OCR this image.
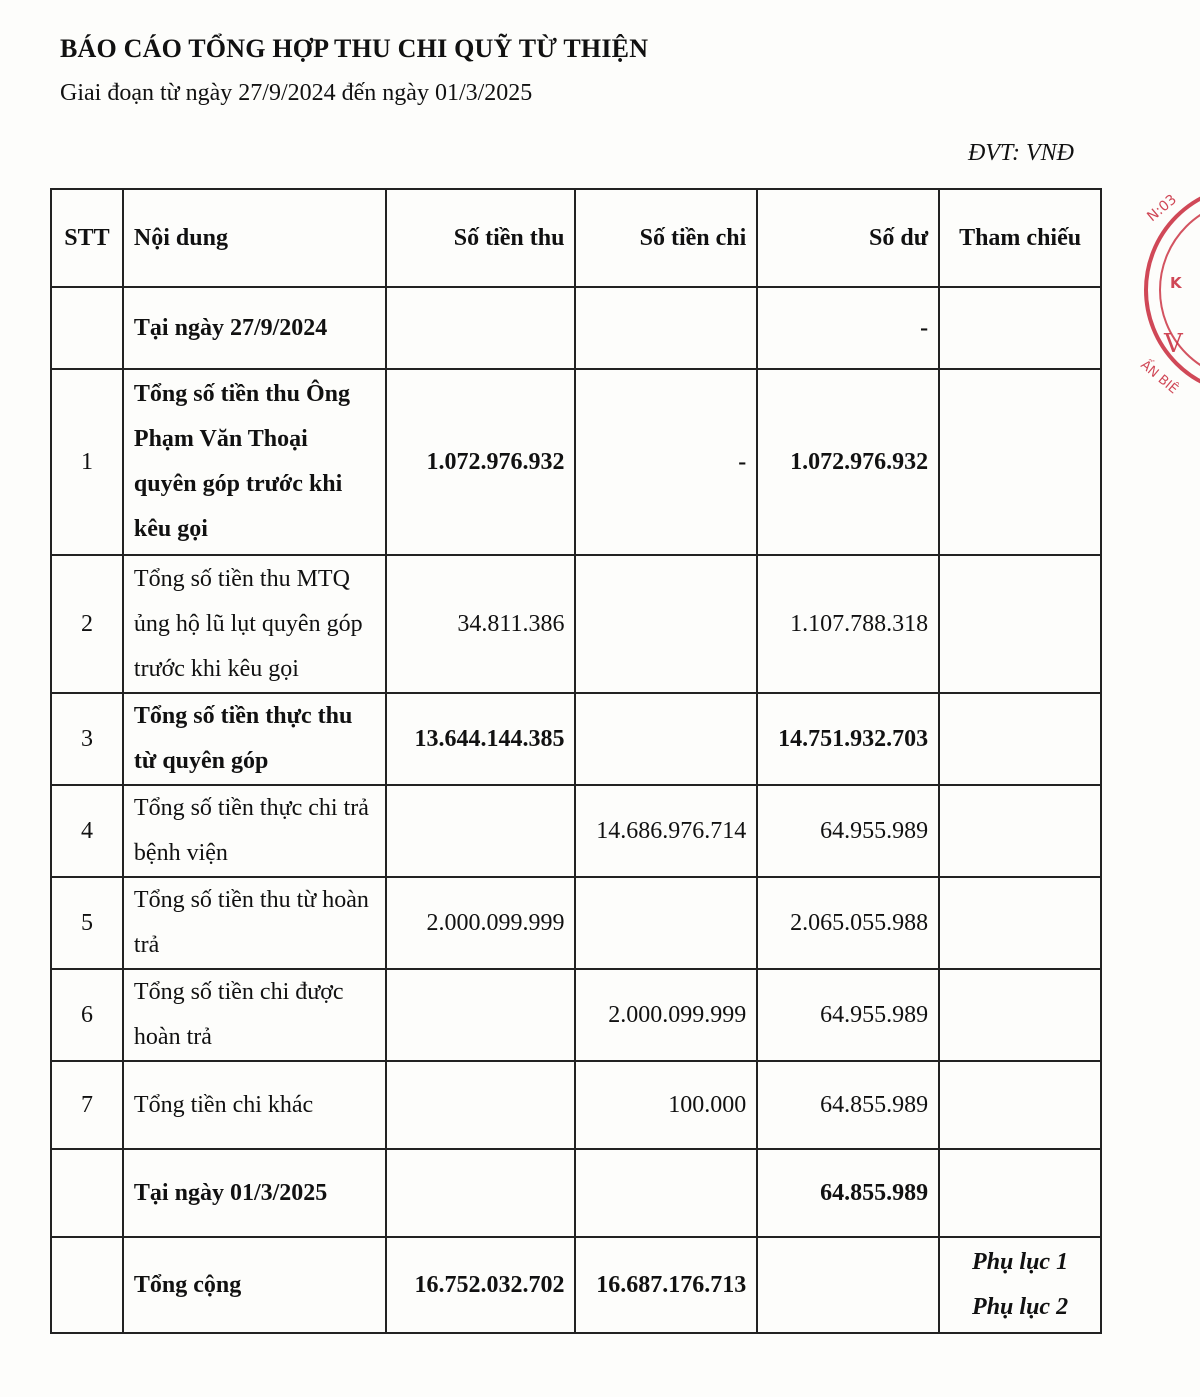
BÁO CÁO TỔNG HỢP THU CHI QUỸ TỪ THIỆN

Giai đoạn từ ngày 27/9/2024 đến ngày 01/3/2025

ĐVT: VNĐ
STT	Nội dung	Số tiền thu	Số tiền chi	Số dư	Tham chiếu
	Tại ngày 27/9/2024			-	
1	Tổng số tiền thu Ông Phạm Văn Thoại quyên góp trước khi kêu gọi	1.072.976.932	-	1.072.976.932	
2	Tổng số tiền thu MTQ ủng hộ lũ lụt quyên góp trước khi kêu gọi	34.811.386		1.107.788.318	
3	Tổng số tiền thực thu từ quyên góp	13.644.144.385		14.751.932.703	
4	Tổng số tiền thực chi trả bệnh viện		14.686.976.714	64.955.989	
5	Tổng số tiền thu từ hoàn trả	2.000.099.999		2.065.055.988	
6	Tổng số tiền chi được hoàn trả		2.000.099.999	64.955.989	
7	Tổng tiền chi khác		100.000	64.855.989	
	Tại ngày 01/3/2025			64.855.989	
	Tổng cộng	16.752.032.702	16.687.176.713		Phụ lục 1
Phụ lục 2
N:03
K
V
ẤN BIÊ
